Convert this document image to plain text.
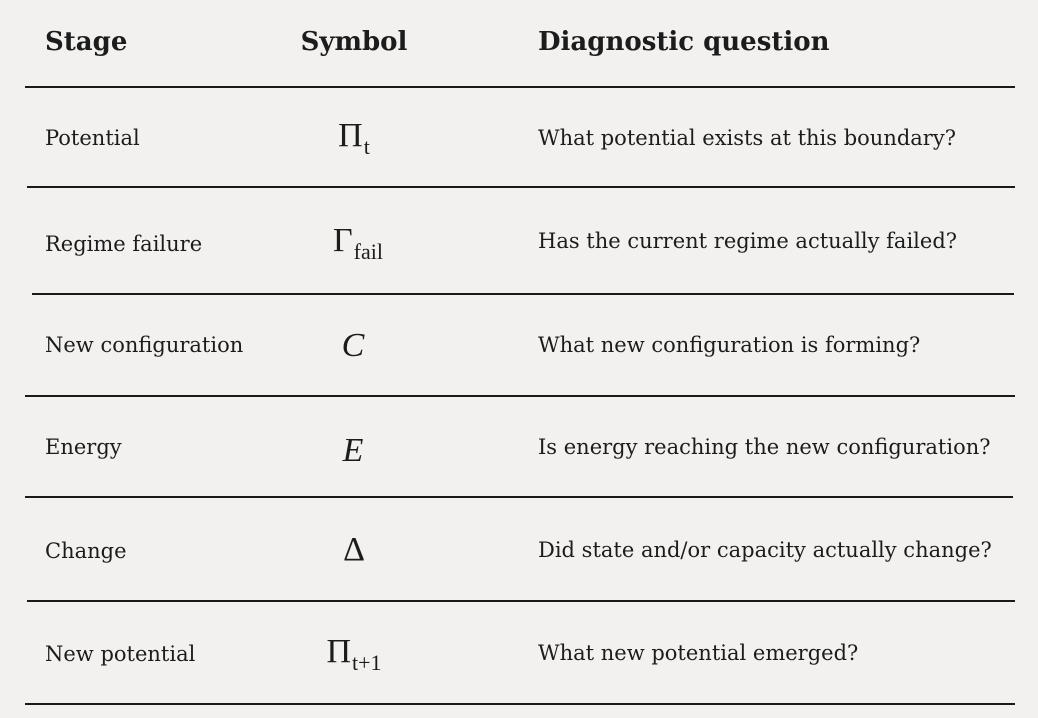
Stage	Symbol	Diagnostic question
Potential	$\Pi_t$	What potential exists at this boundary?
Regime failure	$\Gamma_{fail}$	Has the current regime actually failed?
New configuration	C	What new configuration is forming?
Energy	E	Is energy reaching the new configuration?
Change	Δ	Did state and/or capacity actually change?
New potential	$\Pi_{t+1}$	What new potential emerged?
